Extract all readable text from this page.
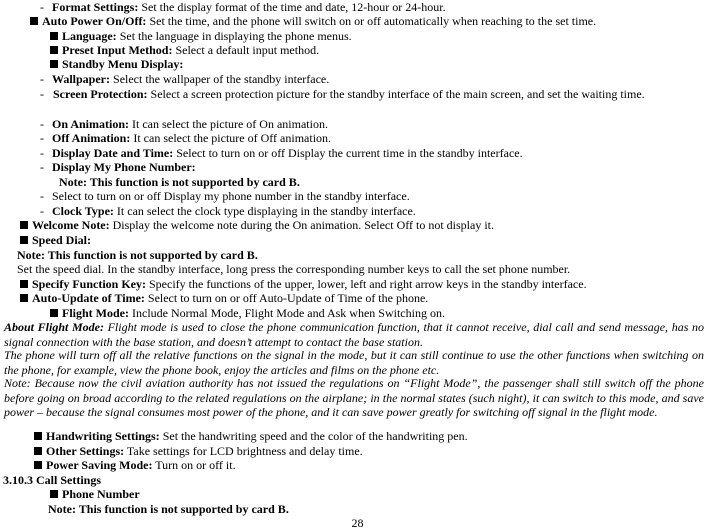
- Format Settings: Set the display format of the time and date, 12-hour or 24-hour.
Auto Power On/Off: Set the time, and the phone will switch on or off automatically when reaching to the set time.
Language: Set the language in displaying the phone menus.
Preset Input Method: Select a default input method.
Standby Menu Display:
- Wallpaper: Select the wallpaper of the standby interface.
- Screen Protection: Select a screen protection picture for the standby interface of the main screen, and set the waiting time.
- On Animation: It can select the picture of On animation.
- Off Animation: It can select the picture of Off animation.
- Display Date and Time: Select to turn on or off Display the current time in the standby interface.
- Display My Phone Number:
Note: This function is not supported by card B.
- Select to turn on or off Display my phone number in the standby interface.
- Clock Type: It can select the clock type displaying in the standby interface.
Welcome Note: Display the welcome note during the On animation. Select Off to not display it.
Speed Dial:
Note: This function is not supported by card B.
Set the speed dial. In the standby interface, long press the corresponding number keys to call the set phone number.
Specify Function Key: Specify the functions of the upper, lower, left and right arrow keys in the standby interface.
Auto-Update of Time: Select to turn on or off Auto-Update of Time of the phone.
Flight Mode: Include Normal Mode, Flight Mode and Ask when Switching on.
About Flight Mode: Flight mode is used to close the phone communication function, that it cannot receive, dial call and send message, has no signal connection with the base station, and doesn’t attempt to contact the base station.
The phone will turn off all the relative functions on the signal in the mode, but it can still continue to use the other functions when switching on the phone, for example, view the phone book, enjoy the articles and films on the phone etc.
Note: Because now the civil aviation authority has not issued the regulations on “Flight Mode”, the passenger shall still switch off the phone before going on broad according to the related regulations on the airplane; in the normal states (such night), it can switch to this mode, and save power – because the signal consumes most power of the phone, and it can save power greatly for switching off signal in the flight mode.
Handwriting Settings: Set the handwriting speed and the color of the handwriting pen.
Other Settings: Take settings for LCD brightness and delay time.
Power Saving Mode: Turn on or off it.
3.10.3 Call Settings
Phone Number
Note: This function is not supported by card B.
28
